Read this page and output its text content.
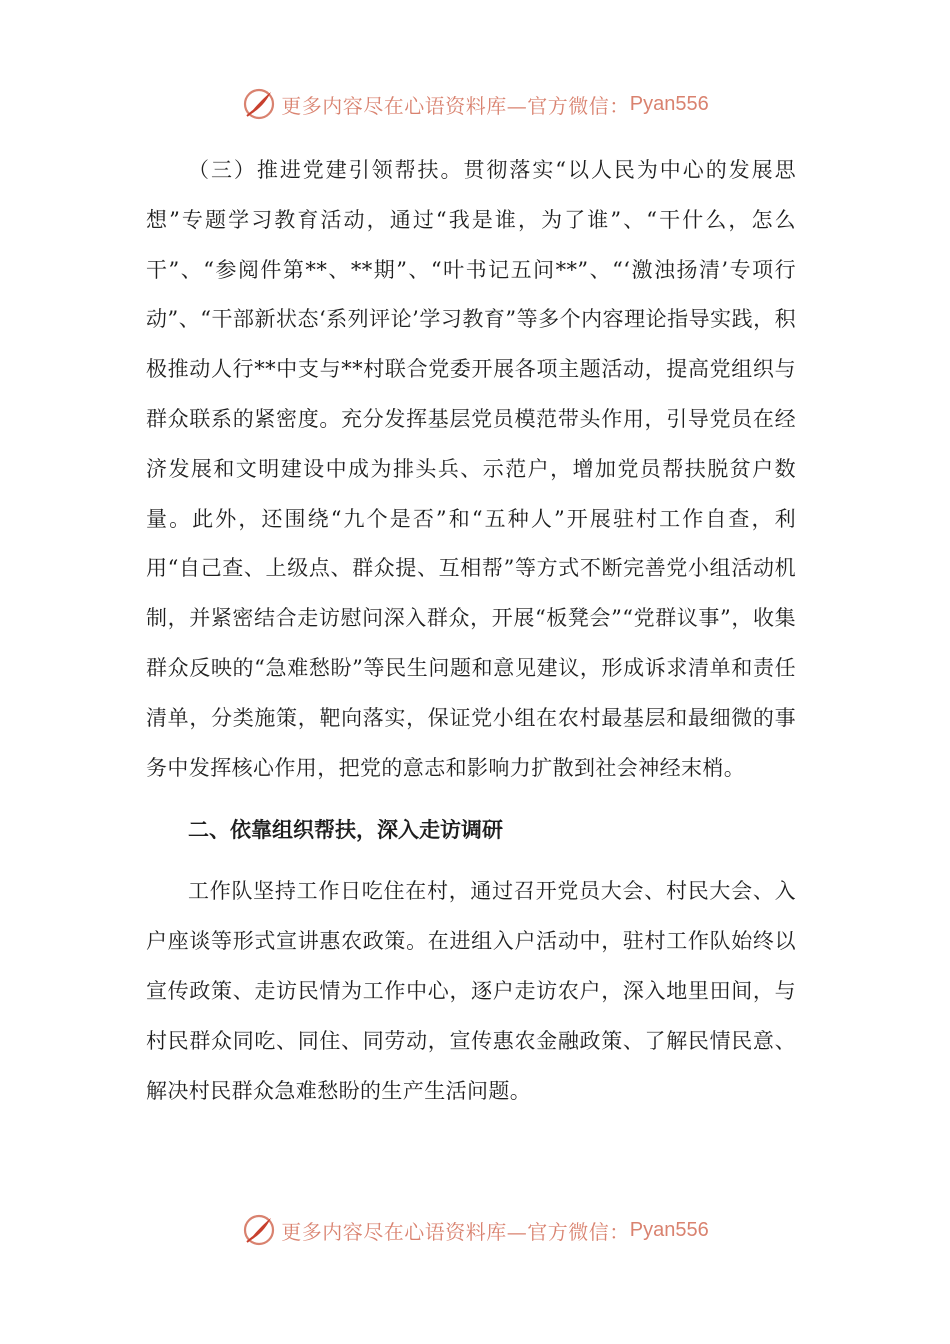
更多内容尽在心语资料库—官方微信： Pyan556

（三）推进党建引领帮扶。贯彻落实“以人民为中心的发展思想”专题学习教育活动，通过“我是谁，为了谁”、“干什么，怎么干”、“参阅件第**、**期”、“叶书记五问**”、“‘激浊扬清’专项行动”、“干部新状态‘系列评论’学习教育”等多个内容理论指导实践，积极推动人行**中支与**村联合党委开展各项主题活动，提高党组织与群众联系的紧密度。充分发挥基层党员模范带头作用，引导党员在经济发展和文明建设中成为排头兵、示范户，增加党员帮扶脱贫户数量。此外，还围绕“九个是否”和“五种人”开展驻村工作自查，利用“自己查、上级点、群众提、互相帮”等方式不断完善党小组活动机制，并紧密结合走访慰问深入群众，开展“板凳会”“党群议事”，收集群众反映的“急难愁盼”等民生问题和意见建议，形成诉求清单和责任清单，分类施策，靶向落实，保证党小组在农村最基层和最细微的事务中发挥核心作用，把党的意志和影响力扩散到社会神经末梢。

二、依靠组织帮扶，深入走访调研

工作队坚持工作日吃住在村，通过召开党员大会、村民大会、入户座谈等形式宣讲惠农政策。在进组入户活动中，驻村工作队始终以宣传政策、走访民情为工作中心，逐户走访农户，深入地里田间，与村民群众同吃、同住、同劳动，宣传惠农金融政策、了解民情民意、解决村民群众急难愁盼的生产生活问题。

更多内容尽在心语资料库—官方微信： Pyan556
